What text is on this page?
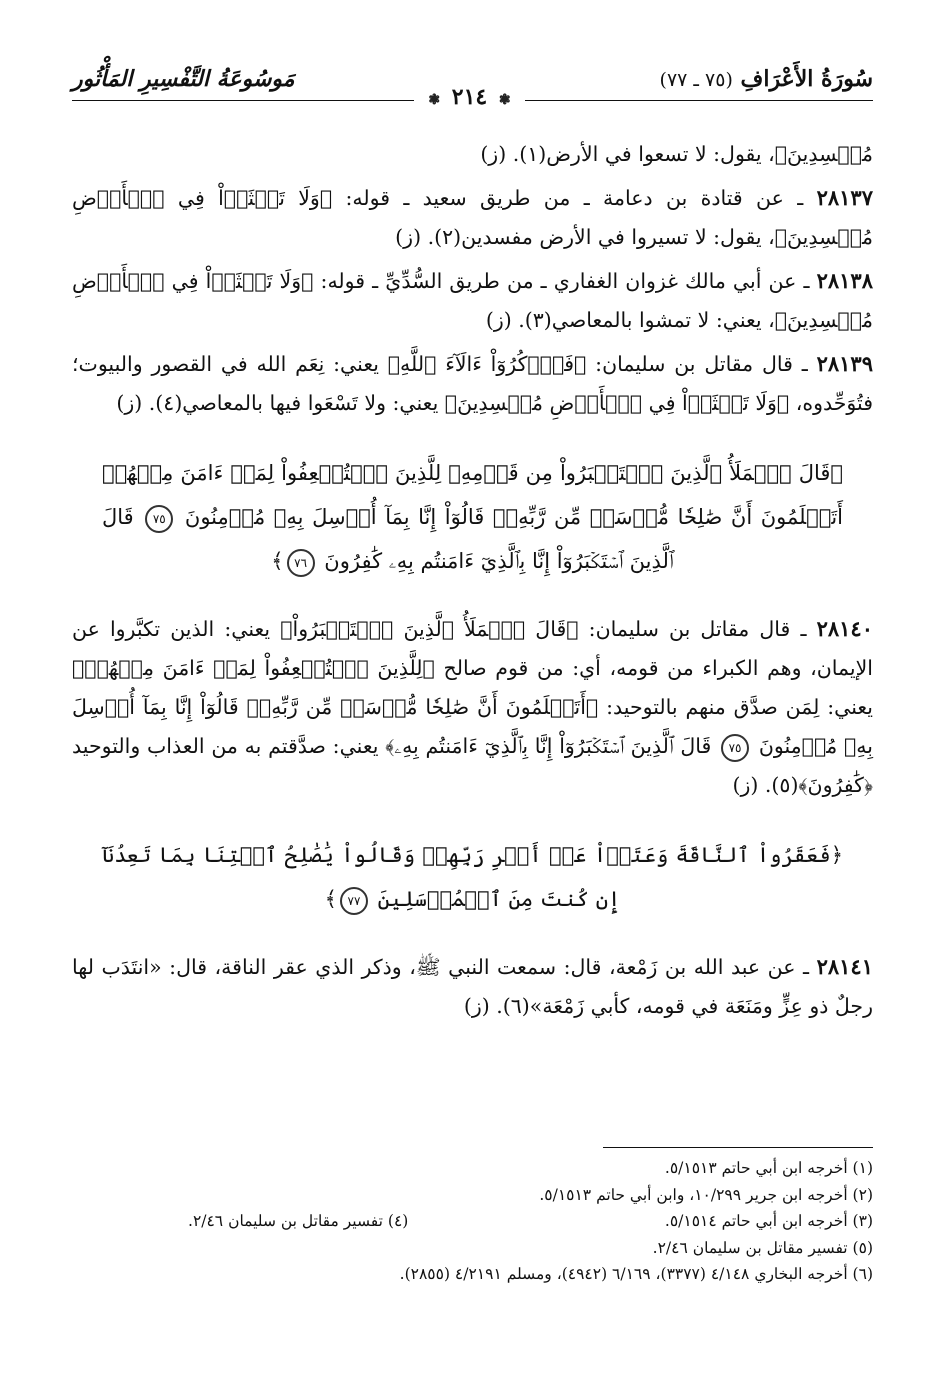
سُورَةُ الأَعْرَافِ (٧٥ ـ ٧٧)
مَوسُوعَةُ التَّفْسِيرِ المَأْثُور
❃ ٢١٤ ❃

مُفۡسِدِينَ﴾، يقول: لا تسعوا في الأرض(١). (ز)

٢٨١٣٧ ـ عن قتادة بن دعامة ـ من طريق سعيد ـ قوله: ﴿وَلَا تَعۡثَوۡاْ فِي ٱلۡأَرۡضِ مُفۡسِدِينَ﴾، يقول: لا تسيروا في الأرض مفسدين(٢). (ز)

٢٨١٣٨ ـ عن أبي مالك غزوان الغفاري ـ من طريق السُّدِّيِّ ـ قوله: ﴿وَلَا تَعۡثَوۡاْ فِي ٱلۡأَرۡضِ مُفۡسِدِينَ﴾، يعني: لا تمشوا بالمعاصي(٣). (ز)

٢٨١٣٩ ـ قال مقاتل بن سليمان: ﴿فَٱذۡكُرُوٓاْ ءَالَآءَ ٱللَّهِ﴾ يعني: نِعَم الله في القصور والبيوت؛ فتُوَحِّدوه، ﴿وَلَا تَعۡثَوۡاْ فِي ٱلۡأَرۡضِ مُفۡسِدِينَ﴾ يعني: ولا تَسْعَوا فيها بالمعاصي(٤). (ز)

﴿قَالَ ٱلۡمَلَأُ ٱلَّذِينَ ٱسۡتَكۡبَرُواْ مِن قَوۡمِهِۦ لِلَّذِينَ ٱسۡتُضۡعِفُواْ لِمَنۡ ءَامَنَ مِنۡهُمۡ أَتَعۡلَمُونَ أَنَّ صَٰلِحٗا مُّرۡسَلٞ مِّن رَّبِّهِۦۚ قَالُوٓاْ إِنَّا بِمَآ أُرۡسِلَ بِهِۦ مُؤۡمِنُونَ ٧٥ قَالَ ٱلَّذِينَ ٱسۡتَكۡبَرُوٓاْ إِنَّا بِٱلَّذِيٓ ءَامَنتُم بِهِۦ كَٰفِرُونَ ٧٦﴾

٢٨١٤٠ ـ قال مقاتل بن سليمان: ﴿قَالَ ٱلۡمَلَأُ ٱلَّذِينَ ٱسۡتَكۡبَرُواْ﴾ يعني: الذين تكبَّروا عن الإيمان، وهم الكبراء من قومه، أي: من قوم صالح ﴿لِلَّذِينَ ٱسۡتُضۡعِفُواْ لِمَنۡ ءَامَنَ مِنۡهُمۡ﴾ يعني: لِمَن صدَّق منهم بالتوحيد: ﴿أَتَعۡلَمُونَ أَنَّ صَٰلِحٗا مُّرۡسَلٞ مِّن رَّبِّهِۦۚ قَالُوٓاْ إِنَّا بِمَآ أُرۡسِلَ بِهِۦ مُؤۡمِنُونَ ٧٥ قَالَ ٱلَّذِينَ ٱسۡتَكۡبَرُوٓاْ إِنَّا بِٱلَّذِيٓ ءَامَنتُم بِهِۦ﴾ يعني: صدَّقتم به من العذاب والتوحيد ﴿كَٰفِرُونَ﴾(٥). (ز)

﴿فَعَقَرُواْ ٱلنَّاقَةَ وَعَتَوۡاْ عَنۡ أَمۡرِ رَبِّهِمۡ وَقَالُواْ يَٰصَٰلِحُ ٱئۡتِنَا بِمَا تَعِدُنَآ إِن كُنتَ مِنَ ٱلۡمُرۡسَلِينَ ٧٧﴾

٢٨١٤١ ـ عن عبد الله بن زَمْعة، قال: سمعت النبي ﷺ، وذكر الذي عقر الناقة، قال: «انتَدَب لها رجلٌ ذو عِزٍّ ومَنَعَة في قومه، كأبي زَمْعَة»(٦). (ز)

(١) أخرجه ابن أبي حاتم ٥/١٥١٣.
(٢) أخرجه ابن جرير ١٠/٢٩٩، وابن أبي حاتم ٥/١٥١٣.
(٣) أخرجه ابن أبي حاتم ٥/١٥١٤.
(٤) تفسير مقاتل بن سليمان ٢/٤٦.
(٥) تفسير مقاتل بن سليمان ٢/٤٦.
(٦) أخرجه البخاري ٤/١٤٨ (٣٣٧٧)، ٦/١٦٩ (٤٩٤٢)، ومسلم ٤/٢١٩١ (٢٨٥٥).
